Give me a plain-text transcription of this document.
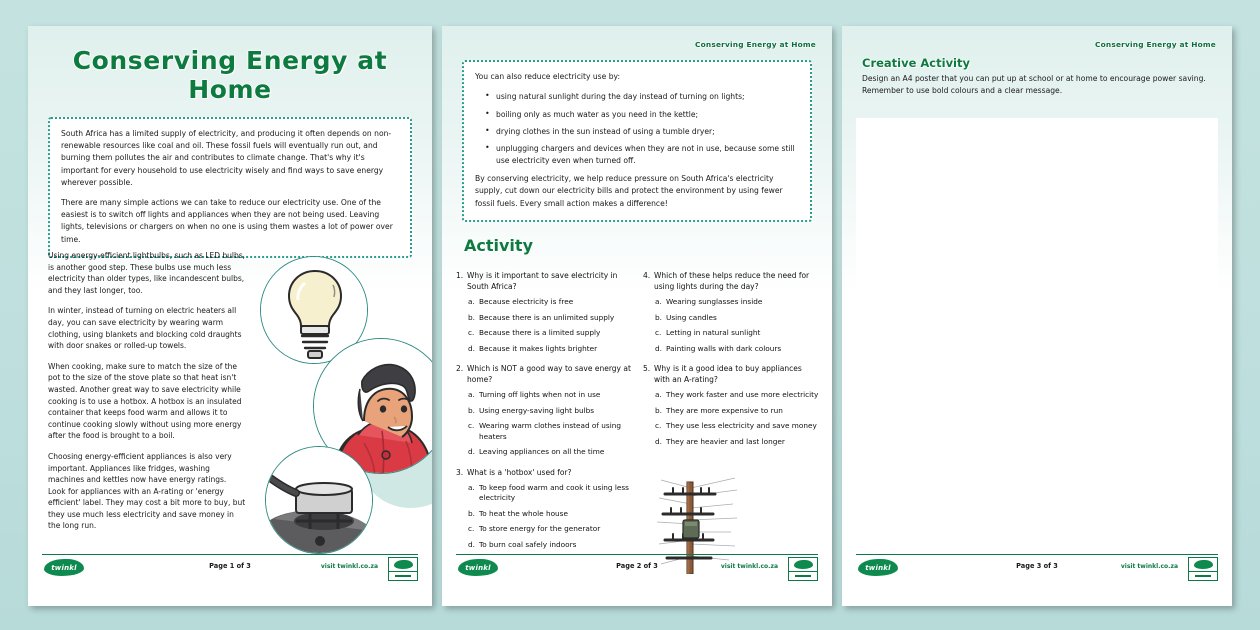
Conserving Energy at Home

South Africa has a limited supply of electricity, and producing it often depends on non-renewable resources like coal and oil. These fossil fuels will eventually run out, and burning them pollutes the air and contributes to climate change. That's why it's important for every household to use electricity wisely and find ways to save energy wherever possible.

There are many simple actions we can take to reduce our electricity use. One of the easiest is to switch off lights and appliances when they are not being used. Leaving lights, televisions or chargers on when no one is using them wastes a lot of power over time.

Using energy-efficient lightbulbs, such as LED bulbs, is another good step. These bulbs use much less electricity than older types, like incandescent bulbs, and they last longer, too.

In winter, instead of turning on electric heaters all day, you can save electricity by wearing warm clothing, using blankets and blocking cold draughts with door snakes or rolled-up towels.

When cooking, make sure to match the size of the pot to the size of the stove plate so that heat isn't wasted. Another great way to save electricity while cooking is to use a hotbox. A hotbox is an insulated container that keeps food warm and allows it to continue cooking slowly without using more energy after the food is brought to a boil.

Choosing energy-efficient appliances is also very important. Appliances like fridges, washing machines and kettles now have energy ratings. Look for appliances with an A-rating or 'energy efficient' label. They may cost a bit more to buy, but they use much less electricity and save money in the long run.

twinkl	Page 1 of 3	visit twinkl.co.za
Conserving Energy at Home

You can also reduce electricity use by:

• using natural sunlight during the day instead of turning on lights;
• boiling only as much water as you need in the kettle;
• drying clothes in the sun instead of using a tumble dryer;
• unplugging chargers and devices when they are not in use, because some still use electricity even when turned off.

By conserving electricity, we help reduce pressure on South Africa's electricity supply, cut down our electricity bills and protect the environment by using fewer fossil fuels. Every small action makes a difference!

Activity
1. Why is it important to save electricity in South Africa?
a. Because electricity is free
b. Because there is an unlimited supply
c. Because there is a limited supply
d. Because it makes lights brighter
2. Which is NOT a good way to save energy at home?
a. Turning off lights when not in use
b. Using energy-saving light bulbs
c. Wearing warm clothes instead of using heaters
d. Leaving appliances on all the time
3. What is a 'hotbox' used for?
a. To keep food warm and cook it using less electricity
b. To heat the whole house
c. To store energy for the generator
d. To burn coal safely indoors
4. Which of these helps reduce the need for using lights during the day?
a. Wearing sunglasses inside
b. Using candles
c. Letting in natural sunlight
d. Painting walls with dark colours
5. Why is it a good idea to buy appliances with an A-rating?
a. They work faster and use more electricity
b. They are more expensive to run
c. They use less electricity and save money
d. They are heavier and last longer
twinkl	Page 2 of 3	visit twinkl.co.za
Conserving Energy at Home
Creative Activity
Design an A4 poster that you can put up at school or at home to encourage power saving.
Remember to use bold colours and a clear message.
twinkl	Page 3 of 3	visit twinkl.co.za
